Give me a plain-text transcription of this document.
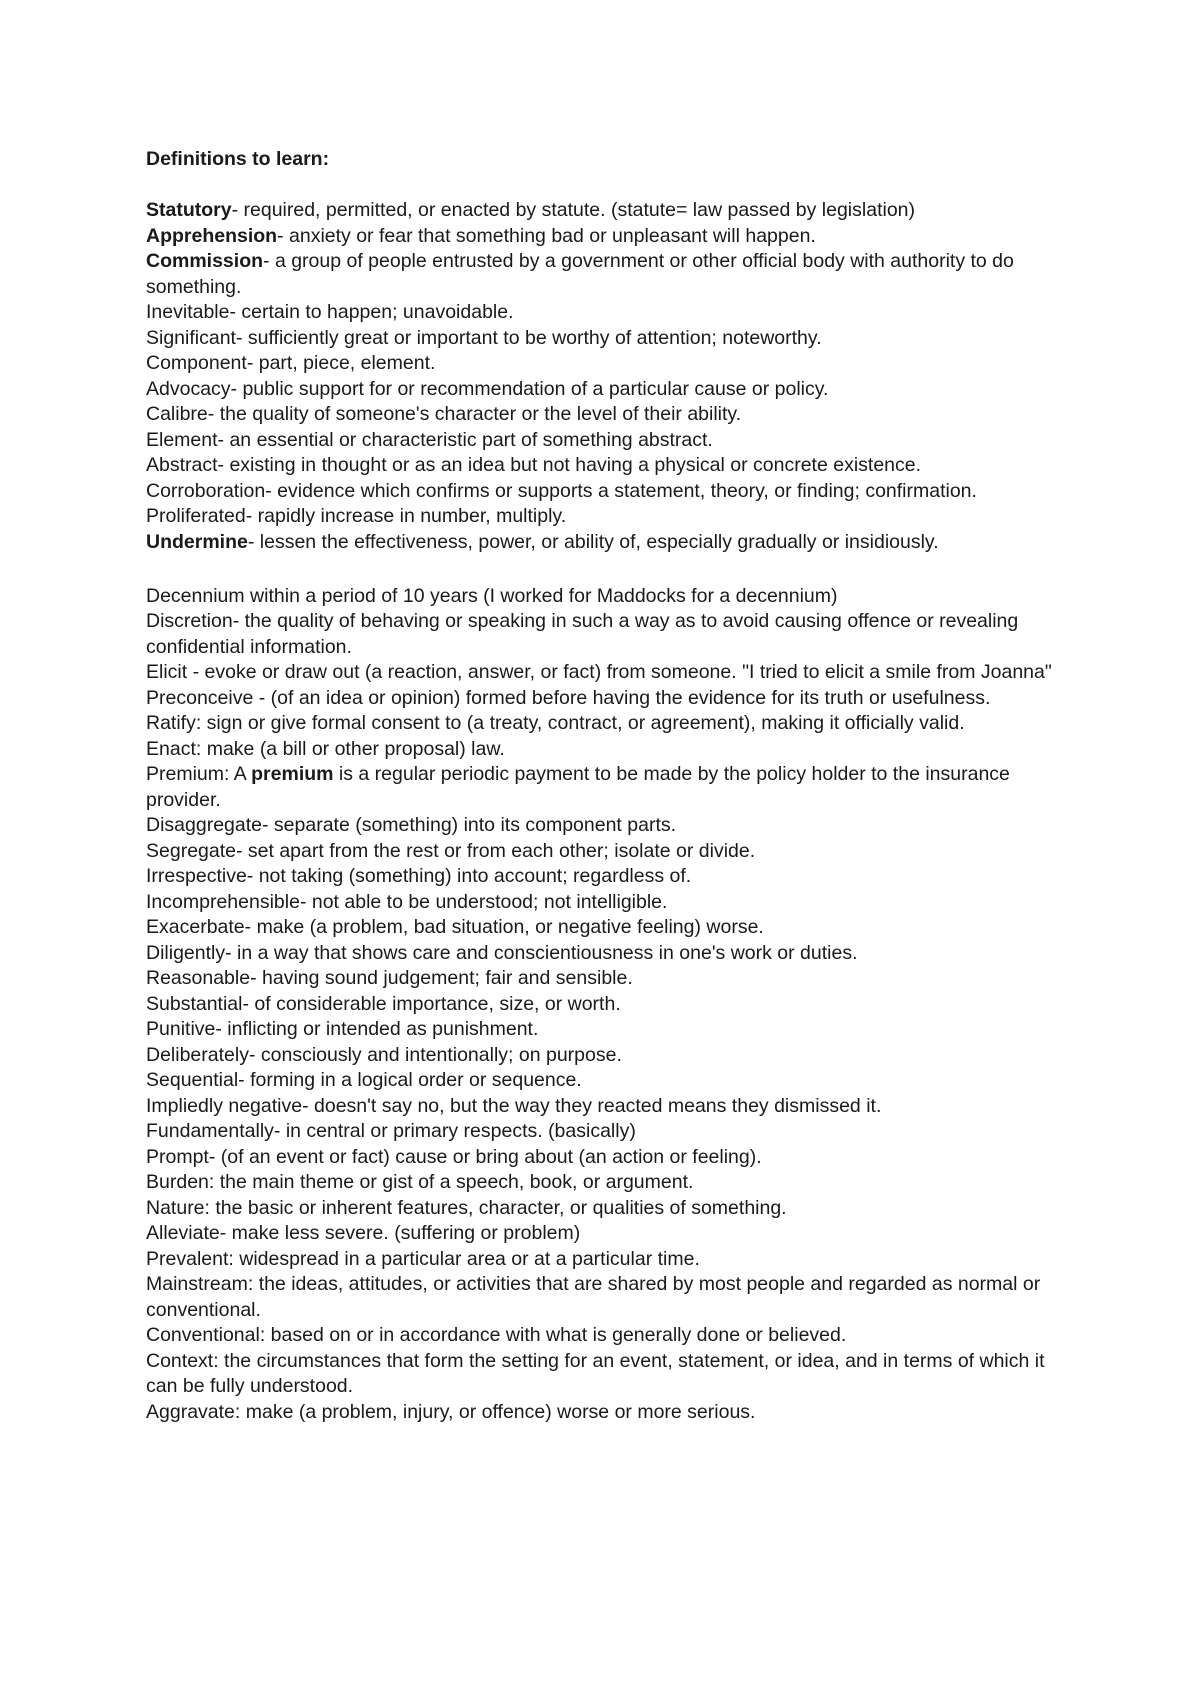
Definitions to learn:

Statutory- required, permitted, or enacted by statute. (statute= law passed by legislation)

Apprehension- anxiety or fear that something bad or unpleasant will happen.

Commission- a group of people entrusted by a government or other official body with authority to do something.

Inevitable- certain to happen; unavoidable.

Significant- sufficiently great or important to be worthy of attention; noteworthy.

Component- part, piece, element.

Advocacy- public support for or recommendation of a particular cause or policy.

Calibre- the quality of someone's character or the level of their ability.

Element- an essential or characteristic part of something abstract.

Abstract- existing in thought or as an idea but not having a physical or concrete existence.

Corroboration- evidence which confirms or supports a statement, theory, or finding; confirmation.

Proliferated- rapidly increase in number, multiply.

Undermine- lessen the effectiveness, power, or ability of, especially gradually or insidiously.

Decennium within a period of 10 years (I worked for Maddocks for a decennium)

Discretion- the quality of behaving or speaking in such a way as to avoid causing offence or revealing confidential information.

Elicit - evoke or draw out (a reaction, answer, or fact) from someone. "I tried to elicit a smile from Joanna"

Preconceive - (of an idea or opinion) formed before having the evidence for its truth or usefulness.

Ratify: sign or give formal consent to (a treaty, contract, or agreement), making it officially valid.

Enact: make (a bill or other proposal) law.

Premium: A premium is a regular periodic payment to be made by the policy holder to the insurance provider.

Disaggregate- separate (something) into its component parts.

Segregate- set apart from the rest or from each other; isolate or divide.

Irrespective- not taking (something) into account; regardless of.

Incomprehensible- not able to be understood; not intelligible.

Exacerbate- make (a problem, bad situation, or negative feeling) worse.

Diligently- in a way that shows care and conscientiousness in one's work or duties.

Reasonable- having sound judgement; fair and sensible.

Substantial- of considerable importance, size, or worth.

Punitive- inflicting or intended as punishment.

Deliberately- consciously and intentionally; on purpose.

Sequential- forming in a logical order or sequence.

Impliedly negative- doesn't say no, but the way they reacted means they dismissed it.

Fundamentally- in central or primary respects. (basically)

Prompt- (of an event or fact) cause or bring about (an action or feeling).

Burden: the main theme or gist of a speech, book, or argument.

Nature: the basic or inherent features, character, or qualities of something.

Alleviate- make less severe. (suffering or problem)

Prevalent: widespread in a particular area or at a particular time.

Mainstream: the ideas, attitudes, or activities that are shared by most people and regarded as normal or conventional.

Conventional: based on or in accordance with what is generally done or believed.

Context: the circumstances that form the setting for an event, statement, or idea, and in terms of which it can be fully understood.

Aggravate: make (a problem, injury, or offence) worse or more serious.
